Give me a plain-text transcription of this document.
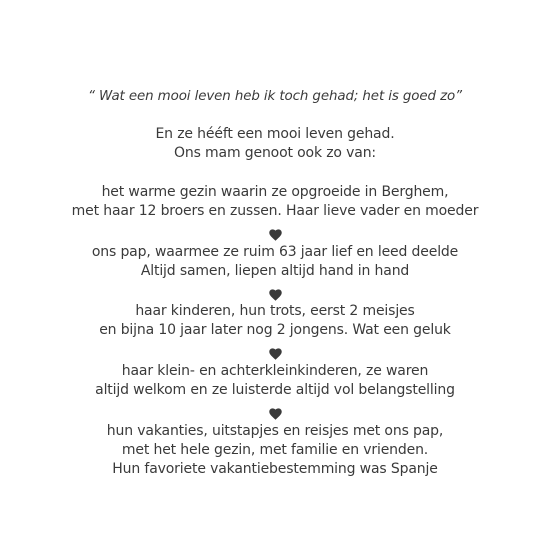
“ Wat een mooi leven heb ik toch gehad; het is goed zo”
En ze hééft een mooi leven gehad.
Ons mam genoot ook zo van:
het warme gezin waarin ze opgroeide in Berghem,
met haar 12 broers en zussen. Haar lieve vader en moeder
ons pap, waarmee ze ruim 63 jaar lief en leed deelde
Altijd samen, liepen altijd hand in hand
haar kinderen, hun trots, eerst 2 meisjes
en bijna 10 jaar later nog 2 jongens. Wat een geluk
haar klein- en achterkleinkinderen, ze waren
altijd welkom en ze luisterde altijd vol belangstelling
hun vakanties, uitstapjes en reisjes met ons pap,
met het hele gezin, met familie en vrienden.
Hun favoriete vakantiebestemming was Spanje
